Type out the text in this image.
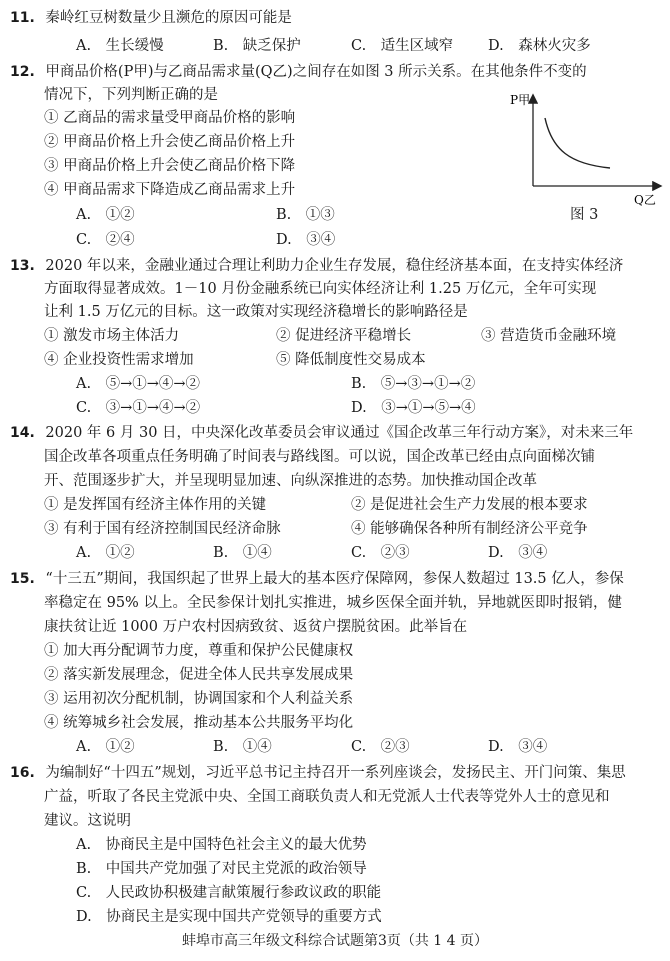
11. 秦岭红豆树数量少且濒危的原因可能是
A.　生长缓慢	B.　缺乏保护	C.　适生区域窄 D.　森林火灾多
12. 甲商品价格(P甲)与乙商品需求量(Q乙)之间存在如图 3 所示关系。在其他条件不变的
情况下，下列判断正确的是
① 乙商品的需求量受甲商品价格的影响
② 甲商品价格上升会使乙商品价格上升
③ 甲商品价格上升会使乙商品价格下降
④ 甲商品需求下降造成乙商品需求上升
A.　①②	B.　①③
C.　②④	D.　③④
P甲
Q乙
图 3
13. 2020 年以来，金融业通过合理让利助力企业生存发展，稳住经济基本面，在支持实体经济
方面取得显著成效。1－10 月份金融系统已向实体经济让利 1.25 万亿元，全年可实现
让利 1.5 万亿元的目标。这一政策对实现经济稳增长的影响路径是
① 激发市场主体活力	② 促进经济平稳增长	③ 营造货币金融环境
④ 企业投资性需求增加	⑤ 降低制度性交易成本
A.　⑤→①→④→②	B.　⑤→③→①→②
C.　③→①→④→②	D.　③→①→⑤→④
14. 2020 年 6 月 30 日，中央深化改革委员会审议通过《国企改革三年行动方案》，对未来三年
国企改革各项重点任务明确了时间表与路线图。可以说，国企改革已经由点向面梯次铺
开、范围逐步扩大，并呈现明显加速、向纵深推进的态势。加快推动国企改革
① 是发挥国有经济主体作用的关键	② 是促进社会生产力发展的根本要求
③ 有利于国有经济控制国民经济命脉	④ 能够确保各种所有制经济公平竞争
A.　①②	B.　①④	C.　②③	D.　③④
15. “十三五”期间，我国织起了世界上最大的基本医疗保障网，参保人数超过 13.5 亿人，参保
率稳定在 95% 以上。全民参保计划扎实推进，城乡医保全面并轨，异地就医即时报销，健
康扶贫让近 1000 万户农村因病致贫、返贫户摆脱贫困。此举旨在
① 加大再分配调节力度，尊重和保护公民健康权
② 落实新发展理念，促进全体人民共享发展成果
③ 运用初次分配机制，协调国家和个人利益关系
④ 统筹城乡社会发展，推动基本公共服务平均化
A.　①②	B.　①④	C.　②③	D.　③④
16. 为编制好“十四五”规划，习近平总书记主持召开一系列座谈会，发扬民主、开门问策、集思
广益，听取了各民主党派中央、全国工商联负责人和无党派人士代表等党外人士的意见和
建议。这说明
A.　协商民主是中国特色社会主义的最大优势
B.　中国共产党加强了对民主党派的政治领导
C.　人民政协积极建言献策履行参政议政的职能
D.　协商民主是实现中国共产党领导的重要方式
蚌埠市高三年级文科综合试题第3页（共 1 4 页）
